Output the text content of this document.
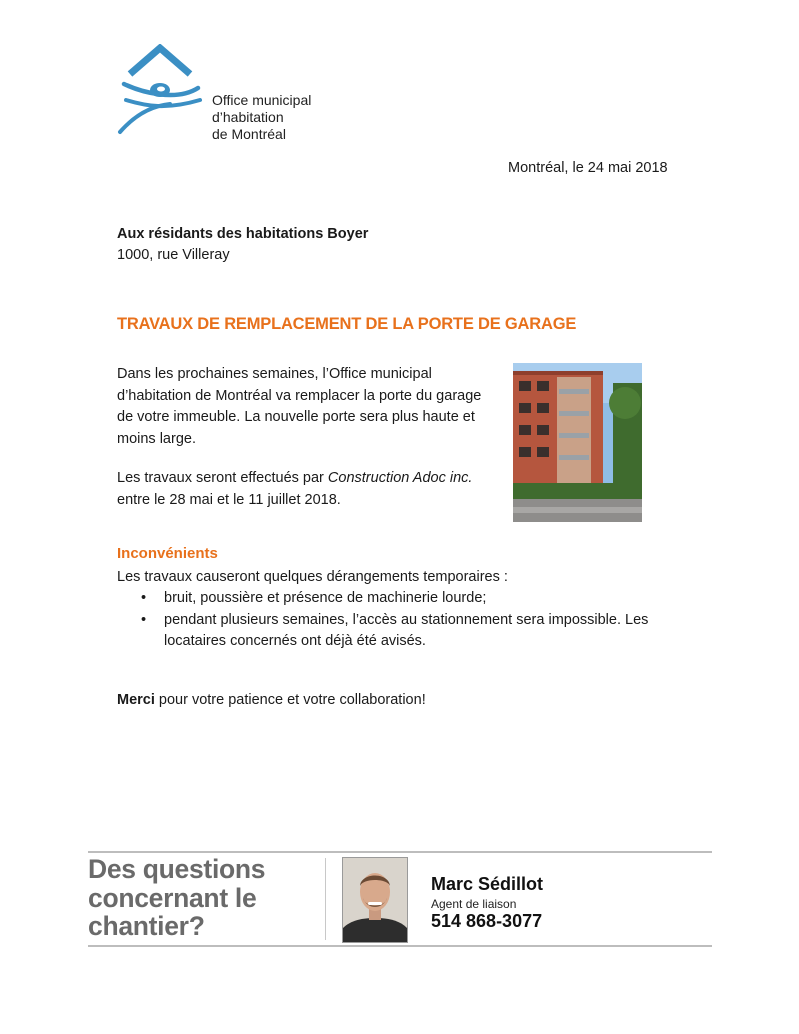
Office municipal
d’habitation
de Montréal
Montréal, le 24 mai 2018
Aux résidants des habitations Boyer
1000, rue Villeray
TRAVAUX DE REMPLACEMENT DE LA PORTE DE GARAGE
Dans les prochaines semaines, l’Office municipal d’habitation de Montréal va remplacer la porte du garage de votre immeuble. La nouvelle porte sera plus haute et moins large.
Les travaux seront effectués par Construction Adoc inc. entre le 28 mai et le 11 juillet 2018.
Inconvénients
Les travaux causeront quelques dérangements temporaires :
• bruit, poussière et présence de machinerie lourde;
• pendant plusieurs semaines, l’accès au stationnement sera impossible. Les locataires concernés ont déjà été avisés.
Merci pour votre patience et votre collaboration!
Des questions
concernant le
chantier?
Marc Sédillot
Agent de liaison
514 868-3077
